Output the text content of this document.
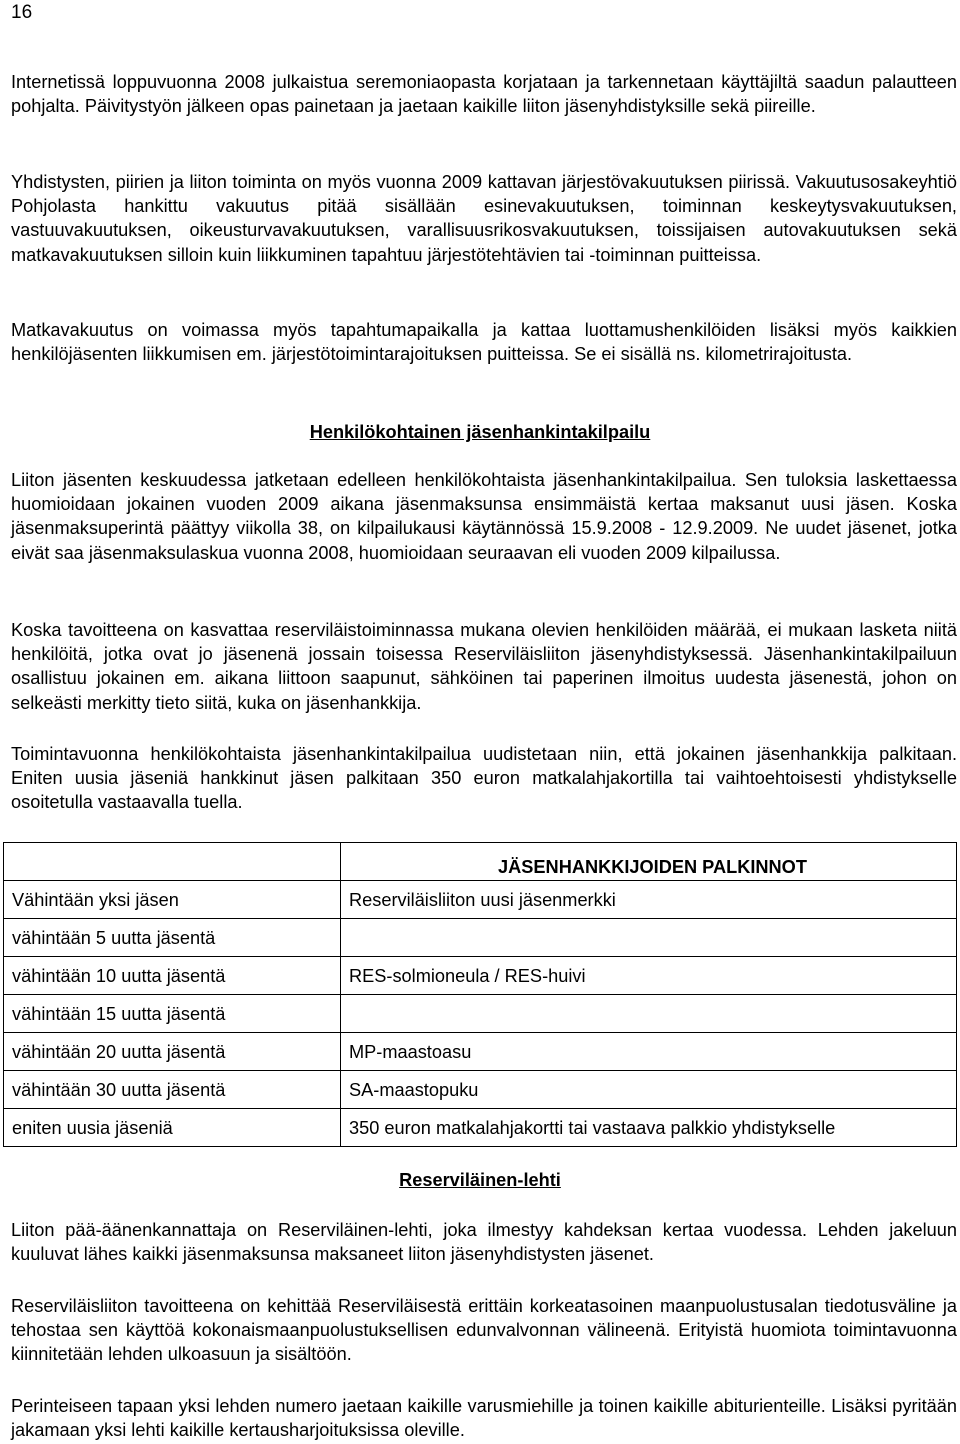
16

Internetissä loppuvuonna 2008 julkaistua seremoniaopasta korjataan ja tarkennetaan käyttäjiltä saadun palautteen pohjalta. Päivitystyön jälkeen opas painetaan ja jaetaan kaikille liiton jäsenyhdistyksille sekä piireille.

Yhdistysten, piirien ja liiton toiminta on myös vuonna 2009 kattavan järjestövakuutuksen piirissä. Vakuutusosakeyhtiö Pohjolasta hankittu vakuutus pitää sisällään esinevakuutuksen, toiminnan keskeytysvakuutuksen, vastuuvakuutuksen, oikeusturvavakuutuksen, varallisuusrikosvakuutuksen, toissijaisen autovakuutuksen sekä matkavakuutuksen silloin kuin liikkuminen tapahtuu järjestötehtävien tai -toiminnan puitteissa.

Matkavakuutus on voimassa myös tapahtumapaikalla ja kattaa luottamushenkilöiden lisäksi myös kaikkien henkilöjäsenten liikkumisen em. järjestötoimintarajoituksen puitteissa. Se ei sisällä ns. kilometrirajoitusta.

Henkilökohtainen jäsenhankintakilpailu

Liiton jäsenten keskuudessa jatketaan edelleen henkilökohtaista jäsenhankintakilpailua. Sen tuloksia laskettaessa huomioidaan jokainen vuoden 2009 aikana jäsenmaksunsa ensimmäistä kertaa maksanut uusi jäsen. Koska jäsenmaksuperintä päättyy viikolla 38, on kilpailukausi käytännössä 15.9.2008 - 12.9.2009. Ne uudet jäsenet, jotka eivät saa jäsenmaksulaskua vuonna 2008, huomioidaan seuraavan eli vuoden 2009 kilpailussa.

Koska tavoitteena on kasvattaa reserviläistoiminnassa mukana olevien henkilöiden määrää, ei mukaan lasketa niitä henkilöitä, jotka ovat jo jäsenenä jossain toisessa Reserviläisliiton jäsenyhdistyksessä. Jäsenhankintakilpailuun osallistuu jokainen em. aikana liittoon saapunut, sähköinen tai paperinen ilmoitus uudesta jäsenestä, johon on selkeästi merkitty tieto siitä, kuka on jäsenhankkija.

Toimintavuonna henkilökohtaista jäsenhankintakilpailua uudistetaan niin, että jokainen jäsenhankkija palkitaan. Eniten uusia jäseniä hankkinut jäsen palkitaan 350 euron matkalahjakortilla tai vaihtoehtoisesti yhdistykselle osoitetulla vastaavalla tuella.

	JÄSENHANKKIJOIDEN PALKINNOT
Vähintään yksi jäsen	Reserviläisliiton uusi jäsenmerkki
vähintään 5 uutta jäsentä	
vähintään 10 uutta jäsentä	RES-solmioneula / RES-huivi
vähintään 15 uutta jäsentä	
vähintään 20 uutta jäsentä	MP-maastoasu
vähintään 30 uutta jäsentä	SA-maastopuku
eniten uusia jäseniä	350 euron matkalahjakortti tai vastaava palkkio yhdistykselle

Reserviläinen-lehti

Liiton pää-äänenkannattaja on Reserviläinen-lehti, joka ilmestyy kahdeksan kertaa vuodessa. Lehden jakeluun kuuluvat lähes kaikki jäsenmaksunsa maksaneet liiton jäsenyhdistysten jäsenet.

Reserviläisliiton tavoitteena on kehittää Reserviläisestä erittäin korkeatasoinen maanpuolustusalan tiedotusväline ja tehostaa sen käyttöä kokonaismaanpuolustuksellisen edunvalvonnan välineenä. Erityistä huomiota toimintavuonna kiinnitetään lehden ulkoasuun ja sisältöön.

Perinteiseen tapaan yksi lehden numero jaetaan kaikille varusmiehille ja toinen kaikille abiturienteille. Lisäksi pyritään jakamaan yksi lehti kaikille kertausharjoituksissa oleville.
